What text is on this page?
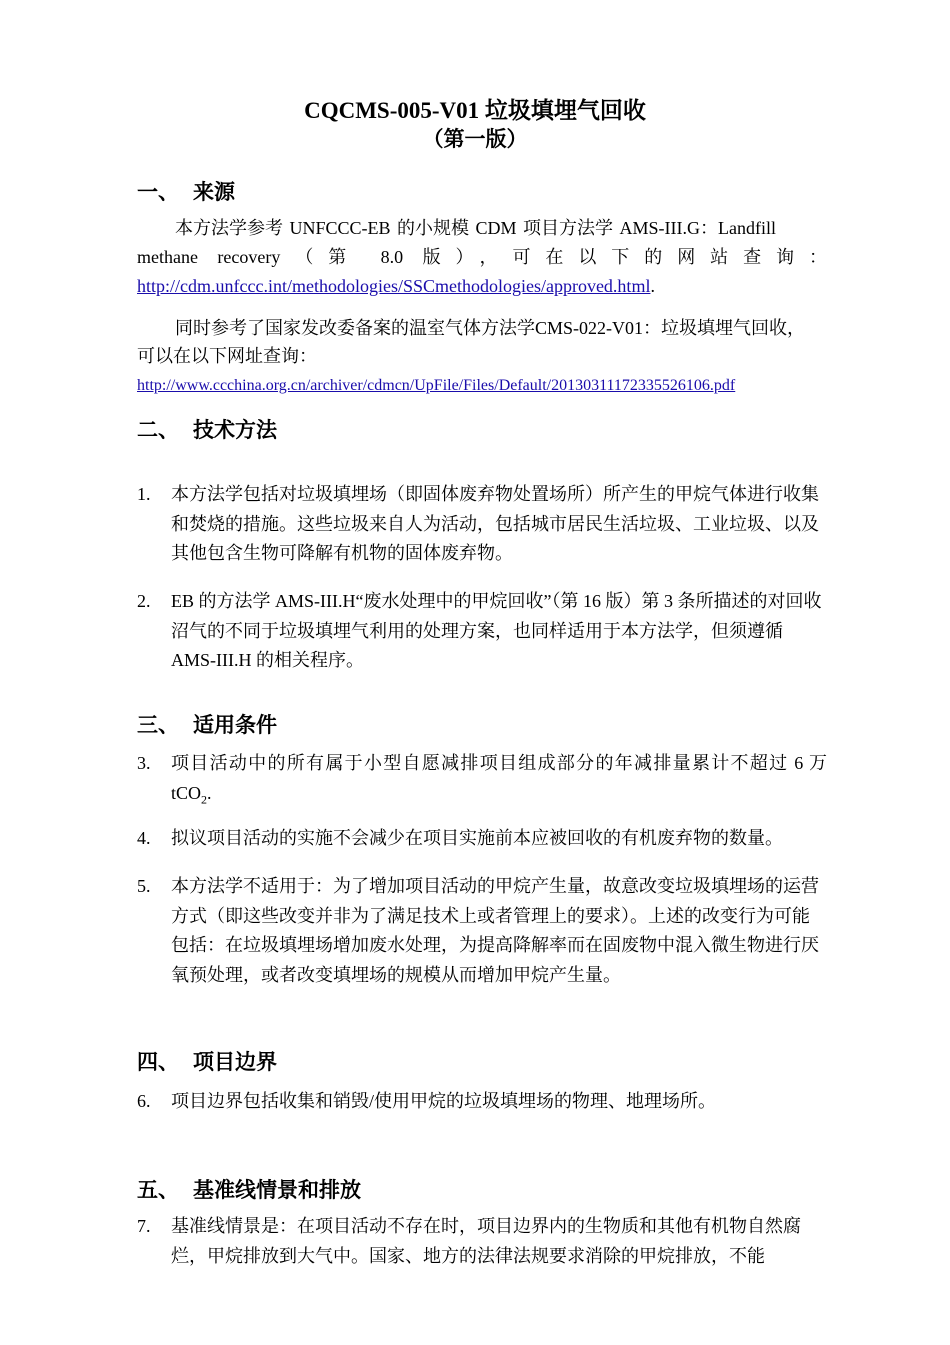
CQCMS-005-V01 垃圾填埋气回收
（第一版）
一、 来源
本方法学参考 UNFCCC-EB 的小规模 CDM 项目方法学 AMS-III.G：Landfill
methane recovery（第 8.0 版），可在以下的网站查询：
http://cdm.unfccc.int/methodologies/SSCmethodologies/approved.html.
同时参考了国家发改委备案的温室气体方法学CMS-022-V01：垃圾填埋气回收，
可以在以下网址查询：
http://www.ccchina.org.cn/archiver/cdmcn/UpFile/Files/Default/20130311172335526106.pdf
二、 技术方法
1.	本方法学包括对垃圾填埋场（即固体废弃物处置场所）所产生的甲烷气体进行收集和焚烧的措施。这些垃圾来自人为活动，包括城市居民生活垃圾、工业垃圾、以及其他包含生物可降解有机物的固体废弃物。
2.	EB 的方法学 AMS-III.H“废水处理中的甲烷回收”（第 16 版）第 3 条所描述的对回收沼气的不同于垃圾填埋气利用的处理方案，也同样适用于本方法学，但须遵循 AMS-III.H 的相关程序。
三、 适用条件
3.	项目活动中的所有属于小型自愿减排项目组成部分的年减排量累计不超过 6 万
tCO$_2$.
4.	拟议项目活动的实施不会减少在项目实施前本应被回收的有机废弃物的数量。
5.	本方法学不适用于：为了增加项目活动的甲烷产生量，故意改变垃圾填埋场的运营方式（即这些改变并非为了满足技术上或者管理上的要求）。上述的改变行为可能包括：在垃圾填埋场增加废水处理，为提高降解率而在固废物中混入微生物进行厌氧预处理，或者改变填埋场的规模从而增加甲烷产生量。
四、 项目边界
6.	项目边界包括收集和销毁/使用甲烷的垃圾填埋场的物理、地理场所。
五、 基准线情景和排放
7.	基准线情景是：在项目活动不存在时，项目边界内的生物质和其他有机物自然腐烂，甲烷排放到大气中。国家、地方的法律法规要求消除的甲烷排放，不能
